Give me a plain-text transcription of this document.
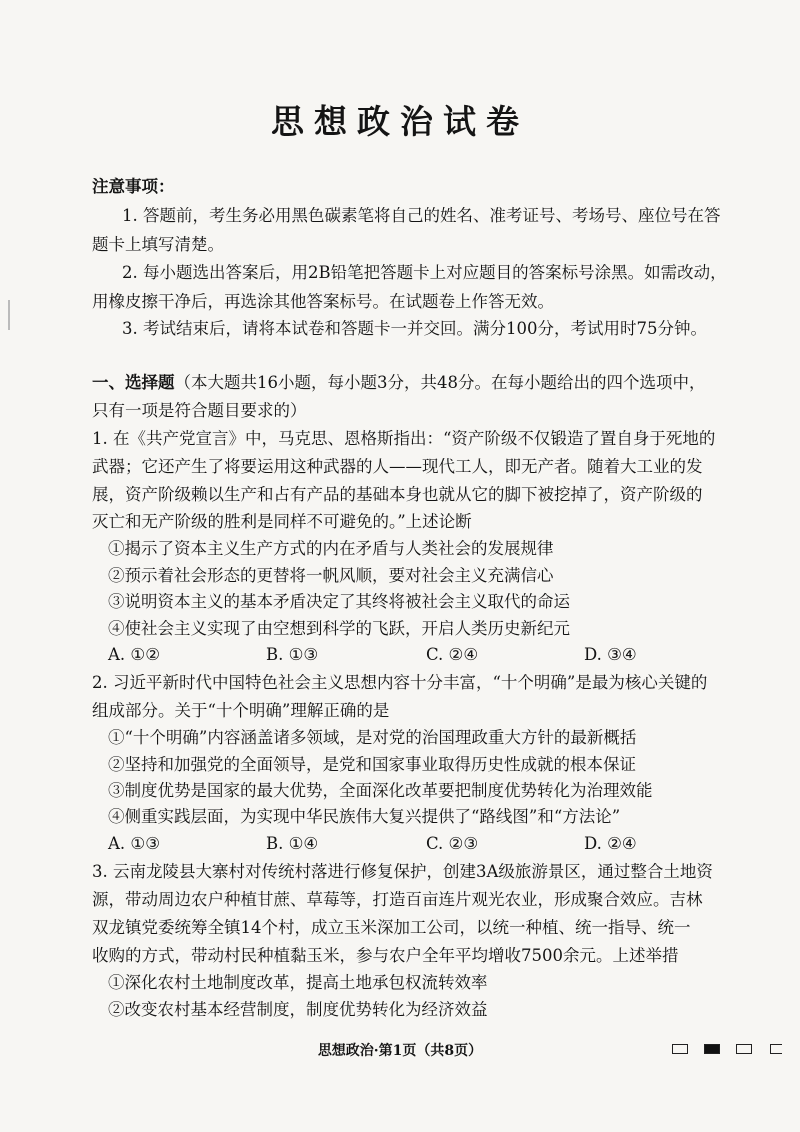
思想政治试卷
注意事项：
1. 答题前，考生务必用黑色碳素笔将自己的姓名、准考证号、考场号、座位号在答
题卡上填写清楚。
2. 每小题选出答案后，用2B铅笔把答题卡上对应题目的答案标号涂黑。如需改动，
用橡皮擦干净后，再选涂其他答案标号。在试题卷上作答无效。
3. 考试结束后，请将本试卷和答题卡一并交回。满分100分，考试用时75分钟。
一、选择题（本大题共16小题，每小题3分，共48分。在每小题给出的四个选项中，
只有一项是符合题目要求的）
1. 在《共产党宣言》中，马克思、恩格斯指出：“资产阶级不仅锻造了置自身于死地的
武器；它还产生了将要运用这种武器的人——现代工人，即无产者。随着大工业的发
展，资产阶级赖以生产和占有产品的基础本身也就从它的脚下被挖掉了，资产阶级的
灭亡和无产阶级的胜利是同样不可避免的。”上述论断
①揭示了资本主义生产方式的内在矛盾与人类社会的发展规律
②预示着社会形态的更替将一帆风顺，要对社会主义充满信心
③说明资本主义的基本矛盾决定了其终将被社会主义取代的命运
④使社会主义实现了由空想到科学的飞跃，开启人类历史新纪元
A. ①②	B. ①③	C. ②④	D. ③④
2. 习近平新时代中国特色社会主义思想内容十分丰富，“十个明确”是最为核心关键的
组成部分。关于“十个明确”理解正确的是
①“十个明确”内容涵盖诸多领域，是对党的治国理政重大方针的最新概括
②坚持和加强党的全面领导，是党和国家事业取得历史性成就的根本保证
③制度优势是国家的最大优势，全面深化改革要把制度优势转化为治理效能
④侧重实践层面，为实现中华民族伟大复兴提供了“路线图”和“方法论”
A. ①③	B. ①④	C. ②③	D. ②④
3. 云南龙陵县大寨村对传统村落进行修复保护，创建3A级旅游景区，通过整合土地资
源，带动周边农户种植甘蔗、草莓等，打造百亩连片观光农业，形成聚合效应。吉林
双龙镇党委统筹全镇14个村，成立玉米深加工公司，以统一种植、统一指导、统一
收购的方式，带动村民种植黏玉米，参与农户全年平均增收7500余元。上述举措
①深化农村土地制度改革，提高土地承包权流转效率
②改变农村基本经营制度，制度优势转化为经济效益
思想政治·第1页（共8页）
